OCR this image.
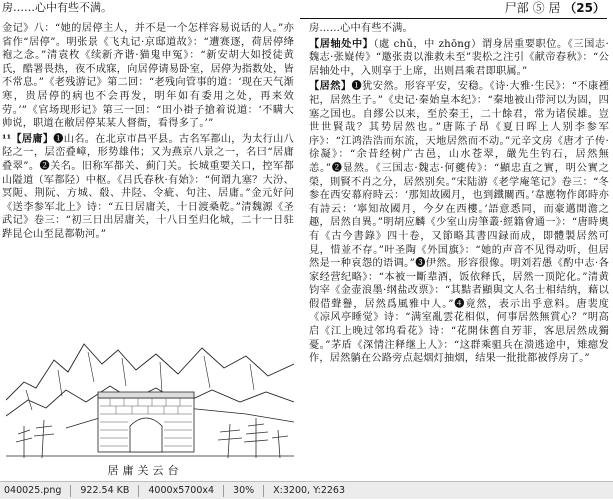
房……心中有些不满。	尸部 ⑤ 居 （25）

金记》八：“她的居停主人，并不是一个怎样容易说话的人。”亦省作“居停”。明张景《飞丸记·京邸道故》：“遭赛逐，荷居停绛袍之念。”清袁枚《续新齐谐·猫鬼申冤》：“新安胡大如授徒黄氏，酷署畏热，夜不成寐，向居停请易卧室，居停为指数处，皆不常息。”《老残游记》第二回：“老残向管事的道：‘现在天气渐寒，贵居停的病也不会再发，明年如有委用之处，再来效劳。’”《官场现形记》第三一回：“田小褂子搶着说道：‘不瞒大帅说，职道在敝居停某某人督衙，看得多了。’”

¹¹【居庸】❶山名。在北京市昌平县。古名军都山，为太行山八陉之一，层峦叠嶂，形势雄伟；又为燕京八景之一，名曰“居庸叠翠”。❷关名。旧称军都关、蓟门关。长城重要关口，控军都山隘道（军都陉）中枢。《吕氏春秋·有始》：“何谓九塞？大汾、冥阨、荆阮、方城、殽、井陉、令疵、句注、居庸。”金元好问《送李参军北上》诗：“五日居庸关，十日渡桑乾。”清魏源《圣武记》卷三：“初三日出居庸关，十八日至归化城，二十一日驻跸昆仑山至昆都勒河。”

居庸关云台

房……心中有些不满。

【居轴处中】（處 chǔ，中 zhōng）谓身居重要职位。《三国志·魏志·张嶷传》“邀张责以淮救未至”裴松之注引《献帝春秋》：“公居轴处中，入则享于上席，出则昌乘君即职属。”

【居然】❶犹安然。形容平安，安稳。《诗·大雅·生民》：“不康禋祀，居然生子。”《史记·秦始皇本纪》：“秦地被山带河以为固，四塞之国也。自繆公以来，至於秦王，二十餘君，常为诸侯雄。豈世世賢哉？其势居然也。”唐陈子昂《夏日晖上人别李参军序》：“江鸿浩浩而东流，天地居然而不动。”元辛文房《唐才子传·徐凝》：“余昔经树广古邑，山水苍翠，嚴先生钓石，居然無恙。”❷显然。《三国志·魏志·何夔传》：“顯忠直之實，明公實之榮，則賢不肖之分，居然别矣。”宋陆游《老学庵笔记》卷三：“冬参在西安幕府時云：‘那知故國月，也到鐵關西。’韋應物作郎時亦有詩云：‘寧知故國月，今夕在西樓。’語意悉同，而豪邁閒澹之趣，居然自異。”明胡应麟《少室山房筆叢·經籍會通一》：“唐時奧有《古今書錄》四十卷，又節略其書四録而成，即體製居然可見，惜並不存。”叶圣陶《外国旗》：“她的声音不见得动听，但居然是一种哀怨的语调。”❸伊然。形容很像。明刘若愚《酌中志·各家经营纪略》：“本被一斷辈酒，饭依释氏，居然一顶陀化。”清黄钧宰《金壶浪墨·纲盐改票》：“其黠者顯與文人名士相结纳，藉以假借聲譽，居然爲風雅中人。”❹竟然，表示出乎意料。唐裴度《凉风亭睡觉》诗：“满室亂雲花相似，何事居然無賞心？”明高启《江上晚过邻坞看花》诗：“花開佅舊自芳菲，客思居然成獨憂。”茅盾《深情注释继上人》：“这群乘驵兵在溃逃途中，雉癋发作，居然躺在公路旁点起烟灯抽烟，结果一批批都被俘房了。”

040025.png 922.54 KB 4000x5700x4 30% X:3200, Y:2263
